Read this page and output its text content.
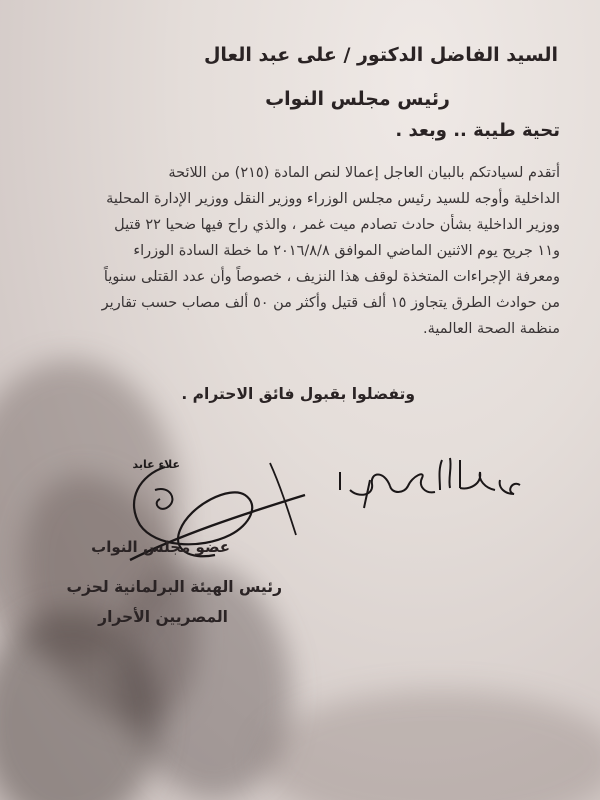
السيد الفاضل الدكتور / على عبد العال
رئيس مجلس النواب
تحية طيبة .. وبعد .

أتقدم لسيادتكم بالبيان العاجل إعمالا لنص المادة (٢١٥) من اللائحة

الداخلية وأوجه للسيد رئيس مجلس الوزراء ووزير النقل ووزير الإدارة المحلية

ووزير الداخلية بشأن حادث تصادم ميت غمر ، والذي راح فيها ضحيا ٢٢ قتيل

و١١ جريح يوم الاثنين الماضي الموافق ٢٠١٦/٨/٨ ما خطة السادة الوزراء

ومعرفة الإجراءات المتخذة لوقف هذا النزيف ، خصوصاً وأن عدد القتلى سنوياً

من حوادث الطرق يتجاوز ١٥ ألف قتيل وأكثر من ٥٠ ألف مصاب حسب تقارير

منظمة الصحة العالمية.

وتفضلوا بقبول فائق الاحترام .
علاء عابد
عضو مجلس النواب
رئيس الهيئة البرلمانية لحزب
المصريين الأحرار
